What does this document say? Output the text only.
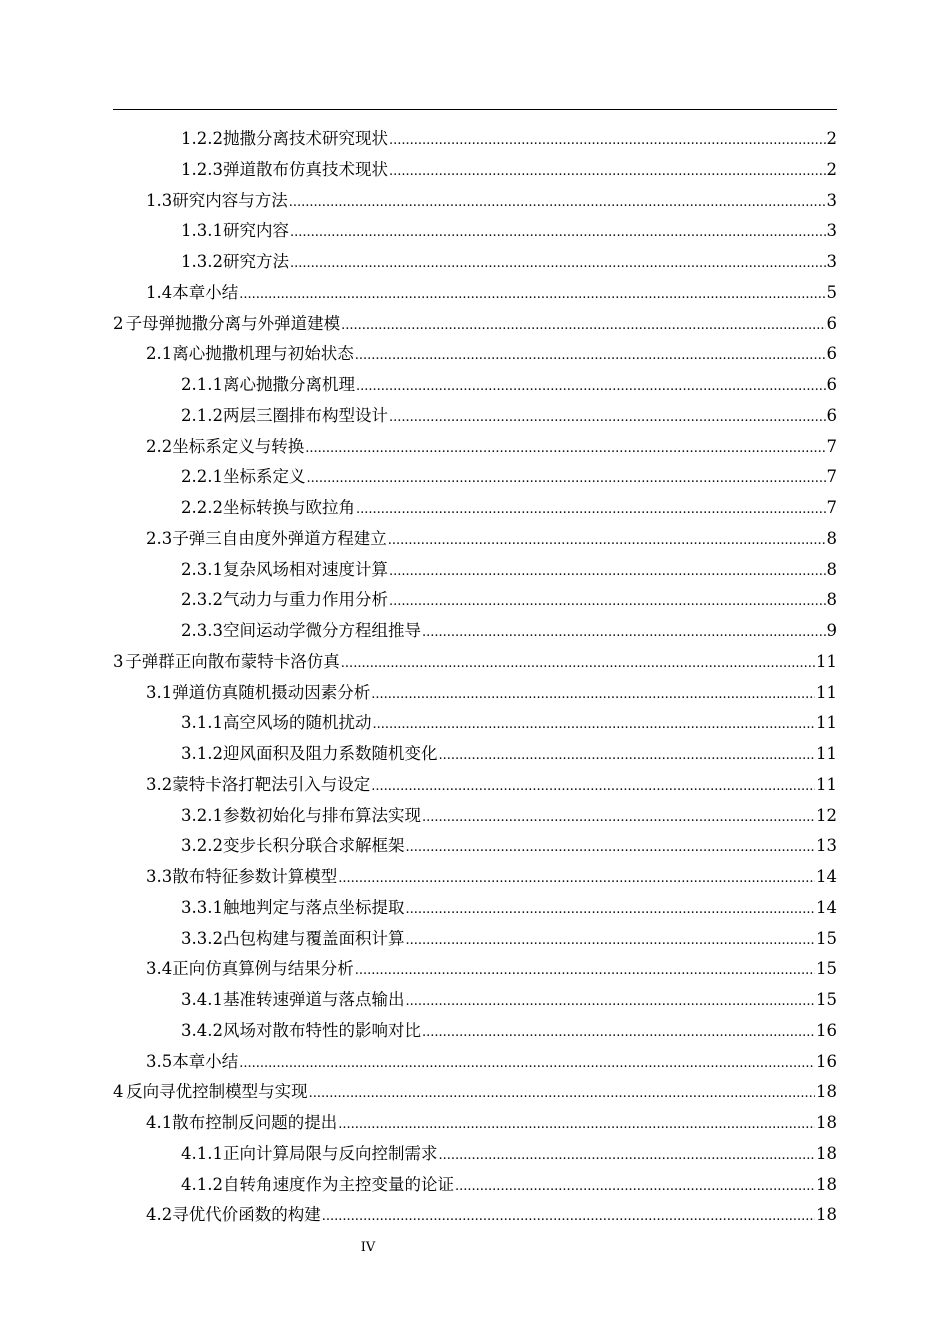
1.2.2 抛撒分离技术研究现状 .....	2
1.2.3 弹道散布仿真技术现状 .....	2
1.3 研究内容与方法 .....	3
1.3.1 研究内容 .....	3
1.3.2 研究方法 .....	3
1.4 本章小结 .....	5
2 子母弹抛撒分离与外弹道建模 .....	6
2.1 离心抛撒机理与初始状态 .....	6
2.1.1 离心抛撒分离机理 .....	6
2.1.2 两层三圈排布构型设计 .....	6
2.2 坐标系定义与转换 .....	7
2.2.1 坐标系定义 .....	7
2.2.2 坐标转换与欧拉角 .....	7
2.3 子弹三自由度外弹道方程建立 .....	8
2.3.1 复杂风场相对速度计算 .....	8
2.3.2 气动力与重力作用分析 .....	8
2.3.3 空间运动学微分方程组推导 .....	9
3 子弹群正向散布蒙特卡洛仿真 .....	11
3.1 弹道仿真随机摄动因素分析 .....	11
3.1.1 高空风场的随机扰动 .....	11
3.1.2 迎风面积及阻力系数随机变化 .....	11
3.2 蒙特卡洛打靶法引入与设定 .....	11
3.2.1 参数初始化与排布算法实现 .....	12
3.2.2 变步长积分联合求解框架 .....	13
3.3 散布特征参数计算模型 .....	14
3.3.1 触地判定与落点坐标提取 .....	14
3.3.2 凸包构建与覆盖面积计算 .....	15
3.4 正向仿真算例与结果分析 .....	15
3.4.1 基准转速弹道与落点输出 .....	15
3.4.2 风场对散布特性的影响对比 .....	16
3.5 本章小结 .....	16
4 反向寻优控制模型与实现 .....	18
4.1 散布控制反问题的提出 .....	18
4.1.1 正向计算局限与反向控制需求 .....	18
4.1.2 自转角速度作为主控变量的论证 .....	18
4.2 寻优代价函数的构建 .....	18
IV
